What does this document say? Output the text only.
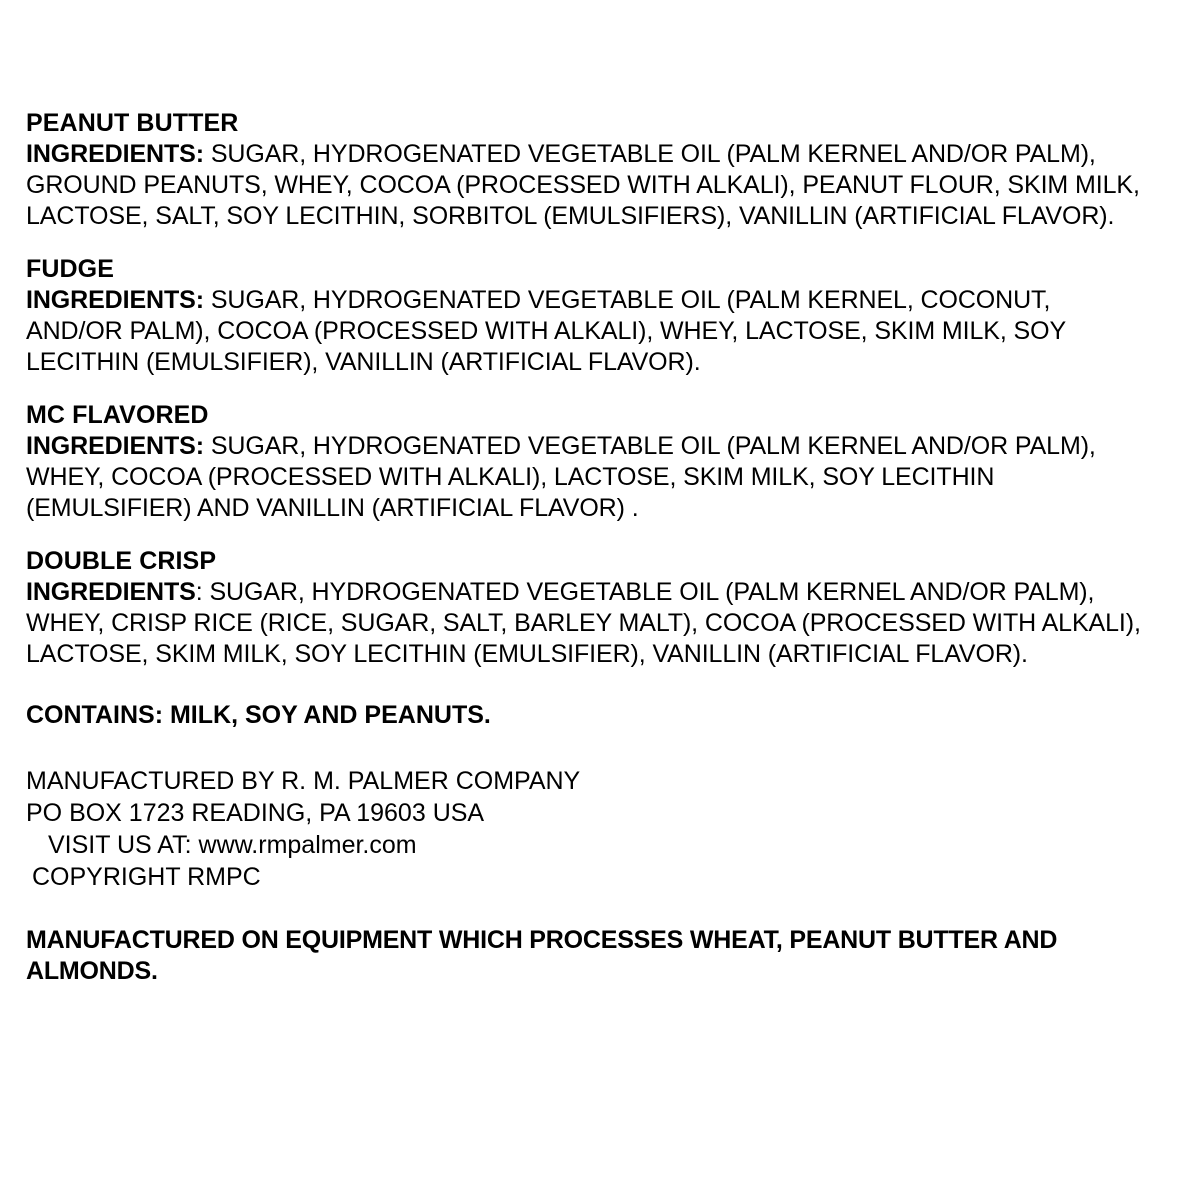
PEANUT BUTTER
INGREDIENTS: SUGAR, HYDROGENATED VEGETABLE OIL (PALM KERNEL AND/OR PALM), GROUND PEANUTS, WHEY, COCOA (PROCESSED WITH ALKALI), PEANUT FLOUR, SKIM MILK, LACTOSE, SALT, SOY LECITHIN, SORBITOL (EMULSIFIERS), VANILLIN (ARTIFICIAL FLAVOR).
FUDGE
INGREDIENTS: SUGAR, HYDROGENATED VEGETABLE OIL (PALM KERNEL, COCONUT, AND/OR PALM), COCOA (PROCESSED WITH ALKALI), WHEY, LACTOSE, SKIM MILK, SOY LECITHIN (EMULSIFIER), VANILLIN (ARTIFICIAL FLAVOR).
MC FLAVORED
INGREDIENTS: SUGAR, HYDROGENATED VEGETABLE OIL (PALM KERNEL AND/OR PALM), WHEY, COCOA (PROCESSED WITH ALKALI), LACTOSE, SKIM MILK, SOY LECITHIN (EMULSIFIER) AND VANILLIN (ARTIFICIAL FLAVOR) .
DOUBLE CRISP
INGREDIENTS: SUGAR, HYDROGENATED VEGETABLE OIL (PALM KERNEL AND/OR PALM), WHEY, CRISP RICE (RICE, SUGAR, SALT, BARLEY MALT), COCOA (PROCESSED WITH ALKALI), LACTOSE, SKIM MILK, SOY LECITHIN (EMULSIFIER), VANILLIN (ARTIFICIAL FLAVOR).
CONTAINS: MILK, SOY AND PEANUTS.
MANUFACTURED BY R. M. PALMER COMPANY
PO BOX 1723 READING, PA 19603 USA
VISIT US AT: www.rmpalmer.com
COPYRIGHT RMPC
MANUFACTURED ON EQUIPMENT WHICH PROCESSES WHEAT, PEANUT BUTTER AND ALMONDS.
